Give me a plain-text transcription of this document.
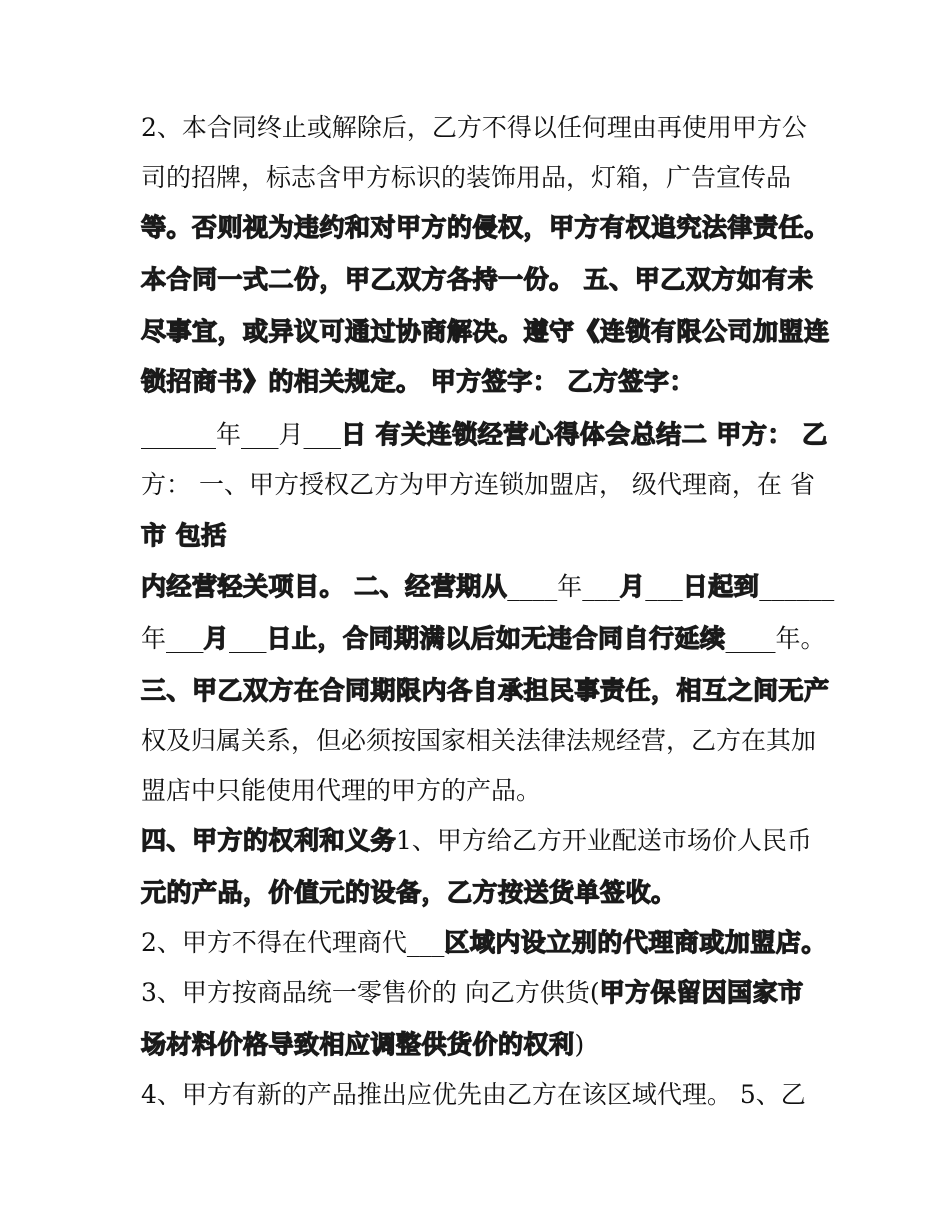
2、本合同终止或解除后，乙方不得以任何理由再使用甲方公
司的招牌，标志含甲方标识的装饰用品，灯箱，广告宣传品
等。否则视为违约和对甲方的侵权，甲方有权追究法律责任。
本合同一式二份，甲乙双方各持一份。 五、甲乙双方如有未
尽事宜，或异议可通过协商解决。遵守《连锁有限公司加盟连
锁招商书》的相关规定。 甲方签字： 乙方签字：
______年___月___日 有关连锁经营心得体会总结二 甲方： 乙
方： 一、甲方授权乙方为甲方连锁加盟店， 级代理商，在 省
市 包括
内经营轻关项目。 二、经营期从____年___月___日起到______
年___月___日止，合同期满以后如无违合同自行延续____年。
三、甲乙双方在合同期限内各自承担民事责任，相互之间无产
权及归属关系，但必须按国家相关法律法规经营，乙方在其加
盟店中只能使用代理的甲方的产品。
四、甲方的权利和义务1、甲方给乙方开业配送市场价人民币
元的产品，价值元的设备，乙方按送货单签收。
2、甲方不得在代理商代___区域内设立别的代理商或加盟店。
3、甲方按商品统一零售价的 向乙方供货(甲方保留因国家市
场材料价格导致相应调整供货价的权利)
4、甲方有新的产品推出应优先由乙方在该区域代理。 5、乙
